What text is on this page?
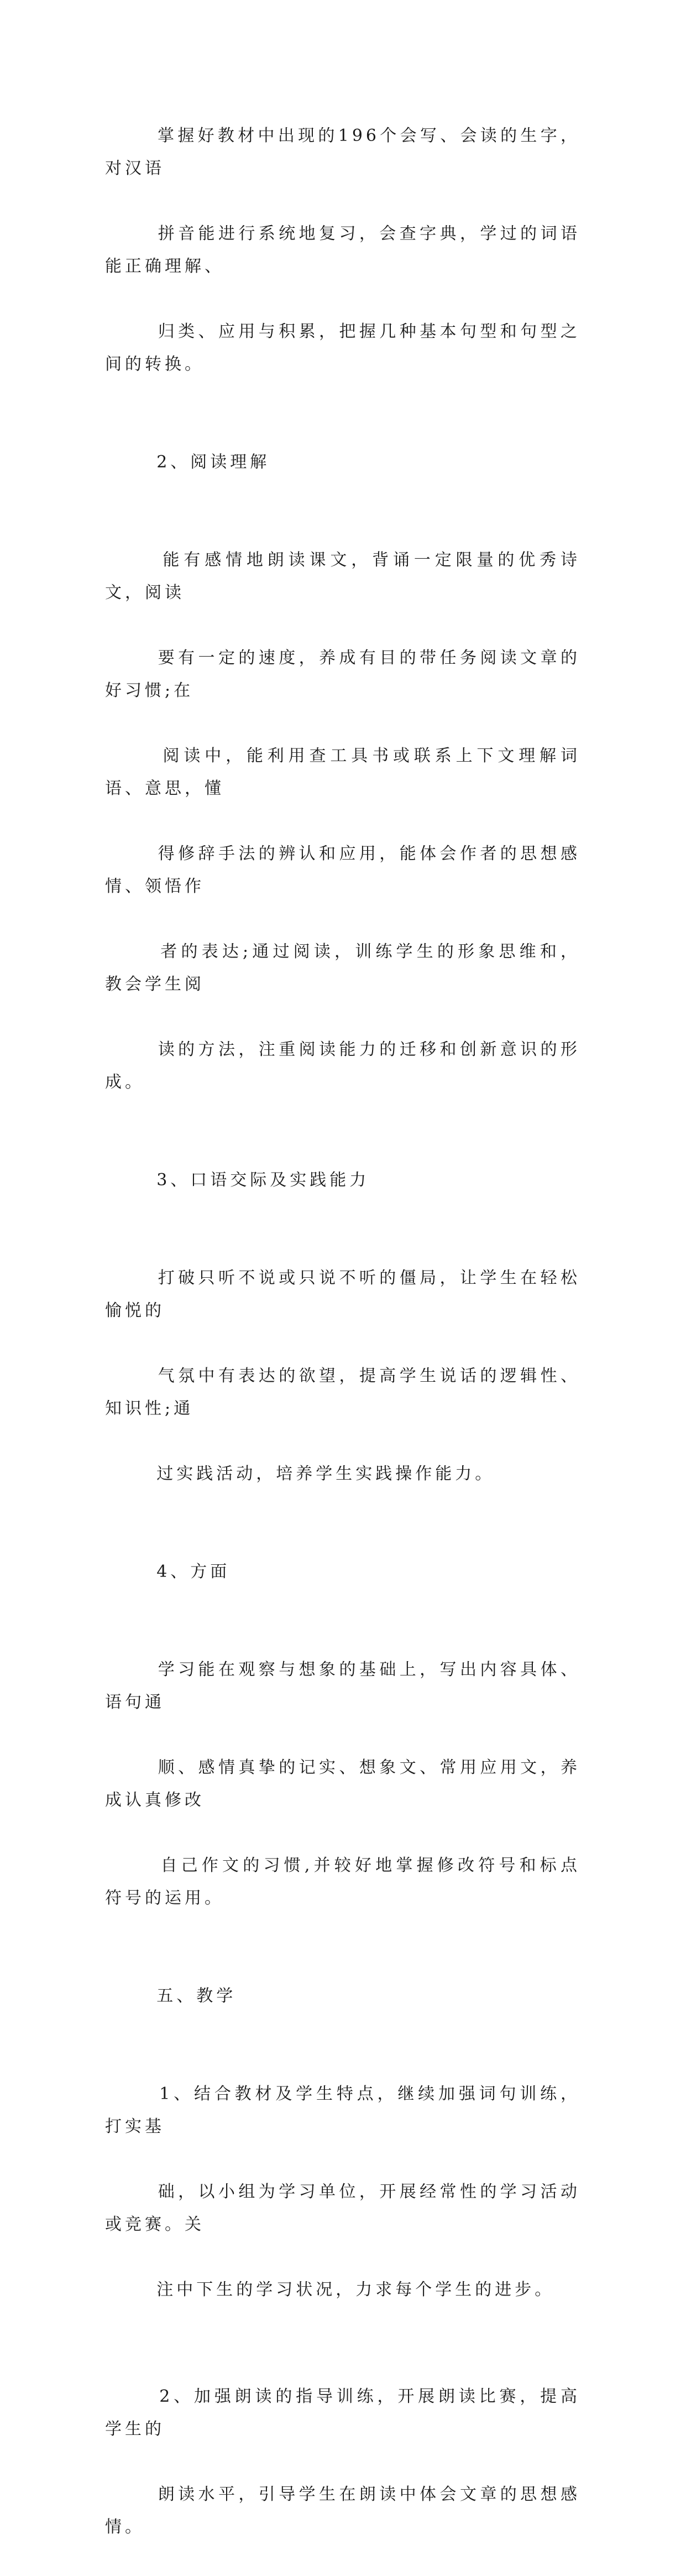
掌握好教材中出现的196个会写、会读的生字，对汉语

拼音能进行系统地复习，会查字典，学过的词语能正确理解、

归类、应用与积累，把握几种基本句型和句型之间的转换。

2、阅读理解

能有感情地朗读课文，背诵一定限量的优秀诗文，阅读

要有一定的速度，养成有目的带任务阅读文章的好习惯;在

阅读中，能利用查工具书或联系上下文理解词语、意思，懂

得修辞手法的辨认和应用，能体会作者的思想感情、领悟作

者的表达;通过阅读，训练学生的形象思维和，教会学生阅

读的方法，注重阅读能力的迁移和创新意识的形成。

3、口语交际及实践能力

打破只听不说或只说不听的僵局，让学生在轻松愉悦的

气氛中有表达的欲望，提高学生说话的逻辑性、知识性;通

过实践活动，培养学生实践操作能力。

4、方面

学习能在观察与想象的基础上，写出内容具体、语句通

顺、感情真挚的记实、想象文、常用应用文，养成认真修改

自己作文的习惯,并较好地掌握修改符号和标点符号的运用。

五、教学

1、结合教材及学生特点，继续加强词句训练，打实基

础，以小组为学习单位，开展经常性的学习活动或竞赛。关

注中下生的学习状况，力求每个学生的进步。

2、加强朗读的指导训练，开展朗读比赛，提高学生的

朗读水平，引导学生在朗读中体会文章的思想感情。
